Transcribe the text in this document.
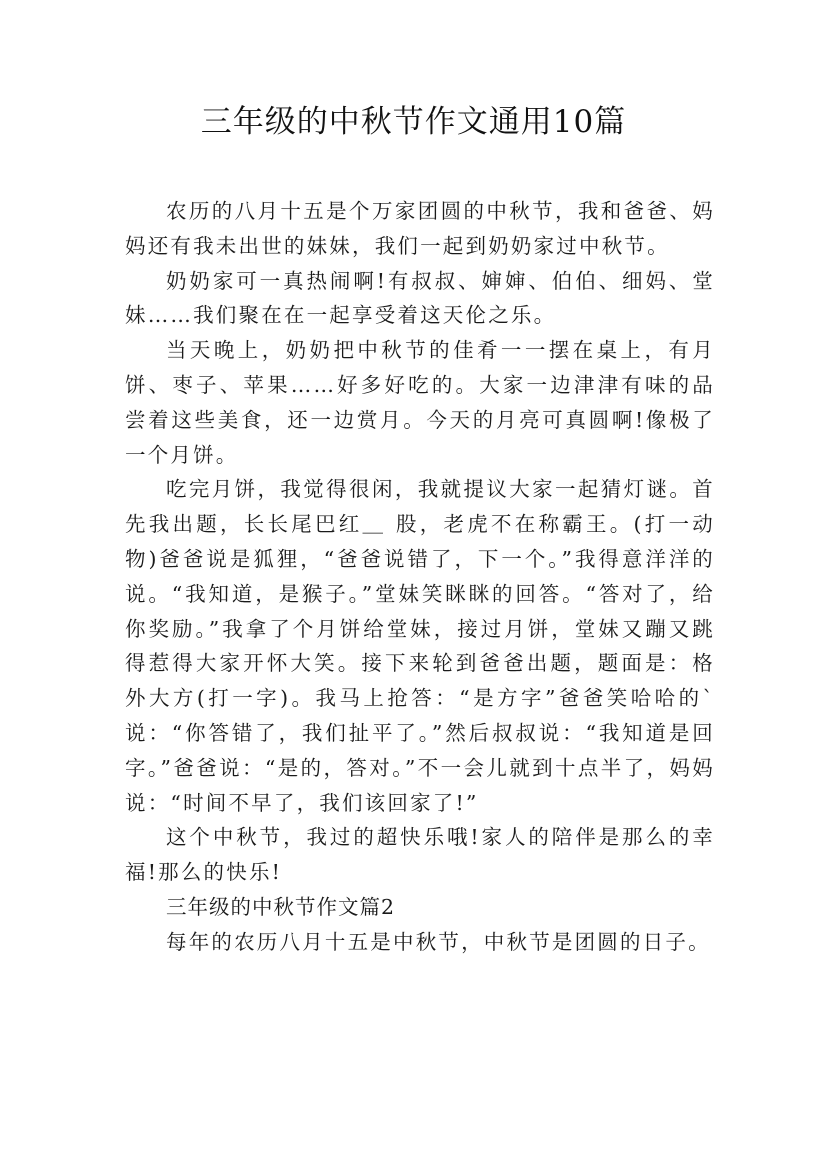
三年级的中秋节作文通用10篇

农历的八月十五是个万家团圆的中秋节，我和爸爸、妈妈还有我未出世的妹妹，我们一起到奶奶家过中秋节。

奶奶家可一真热闹啊!有叔叔、婶婶、伯伯、细妈、堂妹……我们聚在在一起享受着这天伦之乐。

当天晚上，奶奶把中秋节的佳肴一一摆在桌上，有月饼、枣子、苹果……好多好吃的。大家一边津津有味的品尝着这些美食，还一边赏月。今天的月亮可真圆啊!像极了一个月饼。

吃完月饼，我觉得很闲，我就提议大家一起猜灯谜。首先我出题，长长尾巴红＿ 股，老虎不在称霸王。(打一动物)爸爸说是狐狸，“爸爸说错了，下一个。”我得意洋洋的说。“我知道，是猴子。”堂妹笑眯眯的回答。“答对了，给你奖励。”我拿了个月饼给堂妹，接过月饼，堂妹又蹦又跳得惹得大家开怀大笑。接下来轮到爸爸出题，题面是：格外大方(打一字)。我马上抢答：“是方字”爸爸笑哈哈的`说：“你答错了，我们扯平了。”然后叔叔说：“我知道是回字。”爸爸说：“是的，答对。”不一会儿就到十点半了，妈妈说：“时间不早了，我们该回家了!”

这个中秋节，我过的超快乐哦!家人的陪伴是那么的幸福!那么的快乐!

三年级的中秋节作文篇2

每年的农历八月十五是中秋节，中秋节是团圆的日子。
